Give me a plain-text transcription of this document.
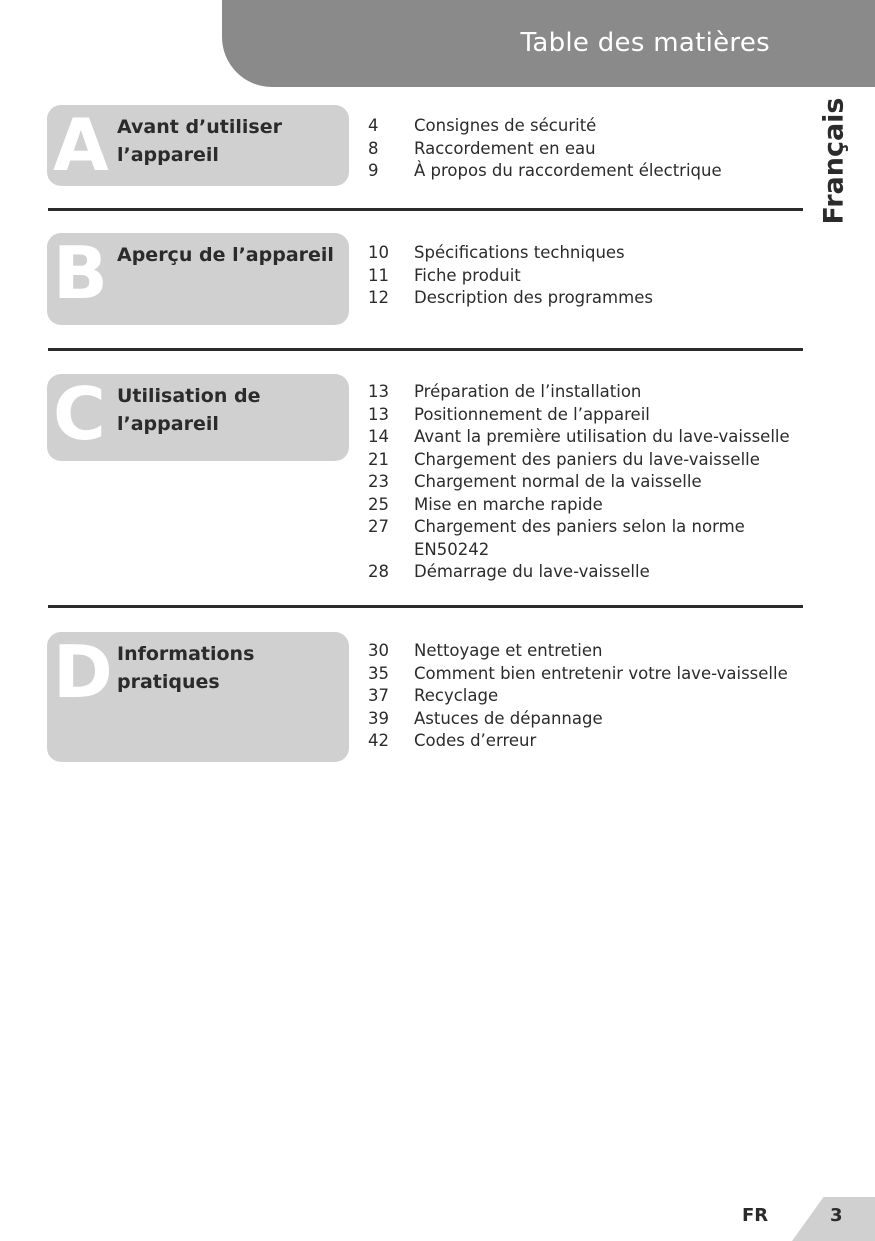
Table des matières
Français
A Avant d’utiliser l’appareil
4	Consignes de sécurité
8	Raccordement en eau
9	À propos du raccordement électrique
B Aperçu de l’appareil	10	Spécifications techniques
11	Fiche produit
12	Description des programmes
C Utilisation de l’appareil
13	Préparation de l’installation
13	Positionnement de l’appareil
14	Avant la première utilisation du lave-vaisselle
21	Chargement des paniers du lave-vaisselle
23	Chargement normal de la vaisselle
25	Mise en marche rapide
27	Chargement des paniers selon la norme EN50242
28	Démarrage du lave-vaisselle
D Informations pratiques
30	Nettoyage et entretien
35	Comment bien entretenir votre lave-vaisselle
37	Recyclage
39	Astuces de dépannage
42	Codes d’erreur
FR	3
